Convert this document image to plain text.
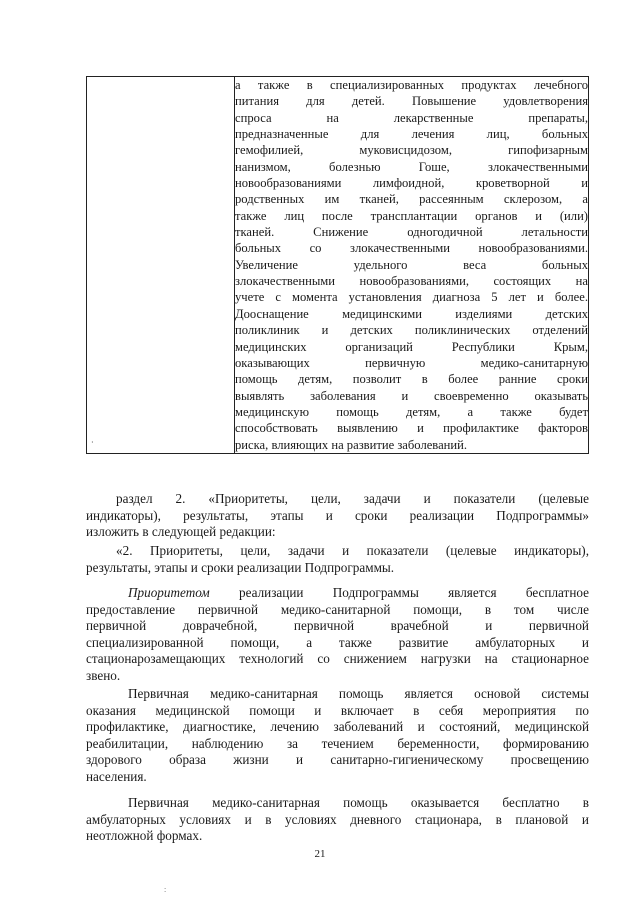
·

а также в специализированных продуктах лечебного
питания для детей. Повышение удовлетворения
спроса на лекарственные препараты,
предназначенные для лечения лиц, больных
гемофилией, муковисцидозом, гипофизарным
нанизмом, болезнью Гоше, злокачественными
новообразованиями лимфоидной, кроветворной и
родственных им тканей, рассеянным склерозом, а
также лиц после трансплантации органов и (или)
тканей. Снижение одногодичной летальности
больных со злокачественными новообразованиями.
Увеличение удельного веса больных
злокачественными новообразованиями, состоящих на
учете с момента установления диагноза 5 лет и более.
Дооснащение медицинскими изделиями детских
поликлиник и детских поликлинических отделений
медицинских организаций Республики Крым,
оказывающих первичную медико-санитарную
помощь детям, позволит в более ранние сроки
выявлять заболевания и своевременно оказывать
медицинскую помощь детям, а также будет
способствовать выявлению и профилактике факторов
риска, влияющих на развитие заболеваний.
раздел 2. «Приоритеты, цели, задачи и показатели (целевые
индикаторы), результаты, этапы и сроки реализации Подпрограммы»
изложить в следующей редакции:
«2. Приоритеты, цели, задачи и показатели (целевые индикаторы),
результаты, этапы и сроки реализации Подпрограммы.
Приоритетом реализации Подпрограммы является бесплатное
предоставление первичной медико-санитарной помощи, в том числе
первичной доврачебной, первичной врачебной и первичной
специализированной помощи, а также развитие амбулаторных и
стационарозамещающих технологий со снижением нагрузки на стационарное
звено.
Первичная медико-санитарная помощь является основой системы
оказания медицинской помощи и включает в себя мероприятия по
профилактике, диагностике, лечению заболеваний и состояний, медицинской
реабилитации, наблюдению за течением беременности, формированию
здорового образа жизни и санитарно-гигиеническому просвещению
населения.
Первичная медико-санитарная помощь оказывается бесплатно в
амбулаторных условиях и в условиях дневного стационара, в плановой и
неотложной формах.
21
:
